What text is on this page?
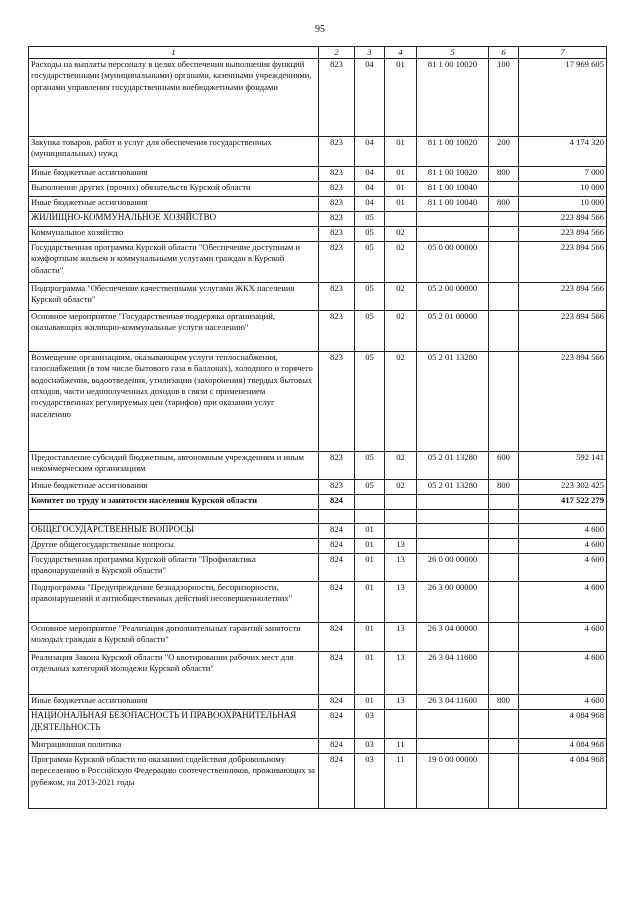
95
1	2	3	4	5	6	7
Расходы на выплаты персоналу в целях обеспечения выполнения функций государственными (муниципальными) органами, казенными учреждениями, органами управления государственными внебюджетными фондами	823	04	01	81 1 00 10020	100	17 969 605
Закупка товаров, работ и услуг для обеспечения государственных (муниципальных) нужд	823	04	01	81 1 00 10020	200	4 174 320
Иные бюджетные ассигнования	823	04	01	81 1 00 10020	800	7 000
Выполнение других (прочих) обязательств Курской области	823	04	01	81 1 00 10040		10 000
Иные бюджетные ассигнования	823	04	01	81 1 00 10040	800	10 000
ЖИЛИЩНО-КОММУНАЛЬНОЕ ХОЗЯЙСТВО	823	05				223 894 566
Коммунальное хозяйство	823	05	02			223 894 566
Государственная программа Курской области "Обеспечение доступным и комфортным жильем и коммунальными услугами граждан в Курской области"	823	05	02	05 0 00 00000		223 894 566
Подпрограмма "Обеспечение качественными услугами ЖКХ населения Курской области"	823	05	02	05 2 00 00000		223 894 566
Основное мероприятие "Государственная поддержка организаций, оказывающих жилищно-коммунальные услуги населению"	823	05	02	05 2 01 00000		223 894 566
Возмещение организациям, оказывающим услуги теплоснабжения, газоснабжения (в том числе бытового газа в баллонах), холодного и горячего водоснабжения, водоотведения, утилизации (захоронения) твердых бытовых отходов, части недополученных доходов в связи с применением государственных регулируемых цен (тарифов) при оказании услуг населению	823	05	02	05 2 01 13280		223 894 566
Предоставление субсидий бюджетным, автономным учреждениям и иным некоммерческим организациям	823	05	02	05 2 01 13280	600	592 141
Иные бюджетные ассигнования	823	05	02	05 2 01 13280	800	223 302 425
Комитет по труду и занятости населения Курской области	824					417 522 279

ОБЩЕГОСУДАРСТВЕННЫЕ ВОПРОСЫ	824	01				4 600
Другие общегосударственные вопросы	824	01	13			4 600
Государственная программа Курской области "Профилактика правонарушений в Курской области"	824	01	13	26 0 00 00000		4 600
Подпрограмма "Предупреждение безнадзорности, беспризорности, правонарушений и антиобщественных действий несовершеннолетних"	824	01	13	26 3 00 00000		4 600
Основное мероприятие "Реализация дополнительных гарантий занятости молодых граждан в Курской области"	824	01	13	26 3 04 00000		4 600
Реализация Закона Курской области "О квотировании рабочих мест для отдельных категорий молодежи Курской области"	824	01	13	26 3 04 11600		4 600
Иные бюджетные ассигнования	824	01	13	26 3 04 11600	800	4 600
НАЦИОНАЛЬНАЯ БЕЗОПАСНОСТЬ И ПРАВООХРАНИТЕЛЬНАЯ ДЕЯТЕЛЬНОСТЬ	824	03				4 084 968
Миграционная политика	824	03	11			4 084 968
Программа Курской области по оказанию содействия добровольному переселению в Российскую Федерацию соотечественников, проживающих за рубежом, на 2013-2021 годы	824	03	11	19 0 00 00000		4 084 968
